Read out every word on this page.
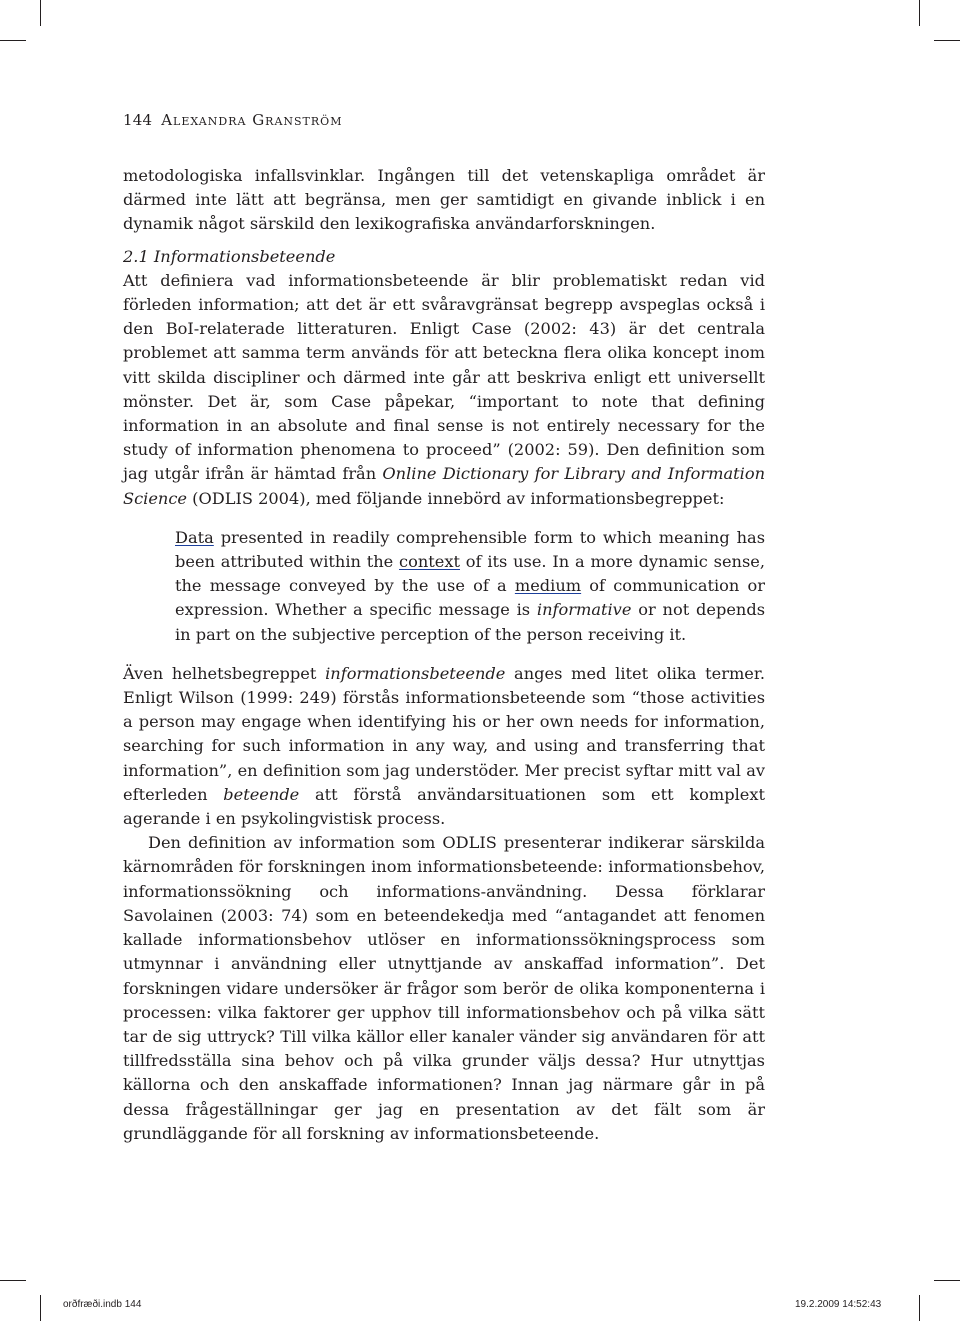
144 Alexandra Granström

metodologiska infallsvinklar. Ingången till det vetenskapliga området är därmed inte lätt att begränsa, men ger samtidigt en givande inblick i en dynamik något särskild den lexikografiska användarforskningen.

2.1 Informationsbeteende

Att definiera vad informationsbeteende är blir problematiskt redan vid förleden information; att det är ett svåravgränsat begrepp avspeglas också i den BoI-relaterade litteraturen. Enligt Case (2002: 43) är det centrala problemet att samma term används för att beteckna flera olika koncept inom vitt skilda discipliner och därmed inte går att beskriva enligt ett universellt mönster. Det är, som Case påpekar, “important to note that defining information in an absolute and final sense is not entirely necessary for the study of information phenomena to proceed” (2002: 59). Den definition som jag utgår ifrån är hämtad från Online Dictionary for Library and Information Science (ODLIS 2004), med följande innebörd av informationsbegreppet:

Data presented in readily comprehensible form to which meaning has been attributed within the context of its use. In a more dynamic sense, the message conveyed by the use of a medium of communication or expression. Whether a specific message is informative or not depends in part on the subjective perception of the person receiving it.

Även helhetsbegreppet informationsbeteende anges med litet olika termer. Enligt Wilson (1999: 249) förstås informationsbeteende som “those activities a person may engage when identifying his or her own needs for information, searching for such information in any way, and using and transferring that information”, en definition som jag understöder. Mer precist syftar mitt val av efterleden beteende att förstå användarsituationen som ett komplext agerande i en psykolingvistisk process.

Den definition av information som ODLIS presenterar indikerar särskilda kärnområden för forskningen inom informationsbeteende: informationsbehov, informationssökning och informations-användning. Dessa förklarar Savolainen (2003: 74) som en beteendekedja med “antagandet att fenomen kallade informationsbehov utlöser en informationssökningsprocess som utmynnar i användning eller utnyttjande av anskaffad information”. Det forskningen vidare undersöker är frågor som berör de olika komponenterna i processen: vilka faktorer ger upphov till informationsbehov och på vilka sätt tar de sig uttryck? Till vilka källor eller kanaler vänder sig användaren för att tillfredsställa sina behov och på vilka grunder väljs dessa? Hur utnyttjas källorna och den anskaffade informationen? Innan jag närmare går in på dessa frågeställningar ger jag en presentation av det fält som är grundläggande för all forskning av informationsbeteende.

orðfræði.indb 144	19.2.2009 14:52:43
